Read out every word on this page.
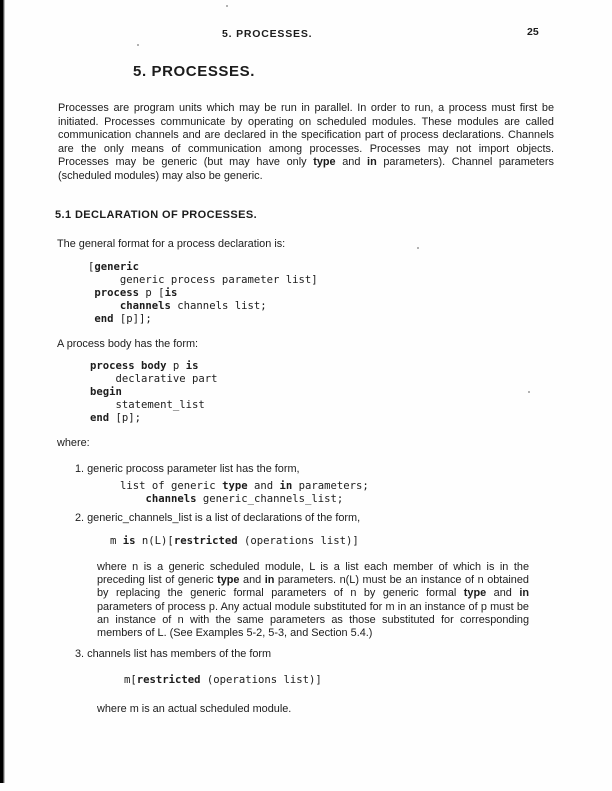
5. PROCESSES.	25
5. PROCESSES.

Processes are program units which may be run in parallel. In order to run, a process must first be initiated. Processes communicate by operating on scheduled modules. These modules are called communication channels and are declared in the specification part of process declarations. Channels are the only means of communication among processes. Processes may not import objects. Processes may be generic (but may have only type and in parameters). Channel parameters (scheduled modules) may also be generic.

5.1 DECLARATION OF PROCESSES.

The general format for a process declaration is:

[generic
generic process parameter list]
process p [is
channels channels list;
end [p]];

A process body has the form:

process body p is
declarative part
begin
statement_list
end [p];

where:

1. generic procoss parameter list has the form,

list of generic type and in parameters;
channels generic_channels_list;

2. generic_channels_list is a list of declarations of the form,

m is n(L)[restricted (operations list)]

where n is a generic scheduled module, L is a list each member of which is in the preceding list of generic type and in parameters. n(L) must be an instance of n obtained by replacing the generic formal parameters of n by generic formal type and in parameters of process p. Any actual module substituted for m in an instance of p must be an instance of n with the same parameters as those substituted for corresponding members of L. (See Examples 5-2, 5-3, and Section 5.4.)

3. channels list has members of the form

m[restricted (operations list)]

where m is an actual scheduled module.
